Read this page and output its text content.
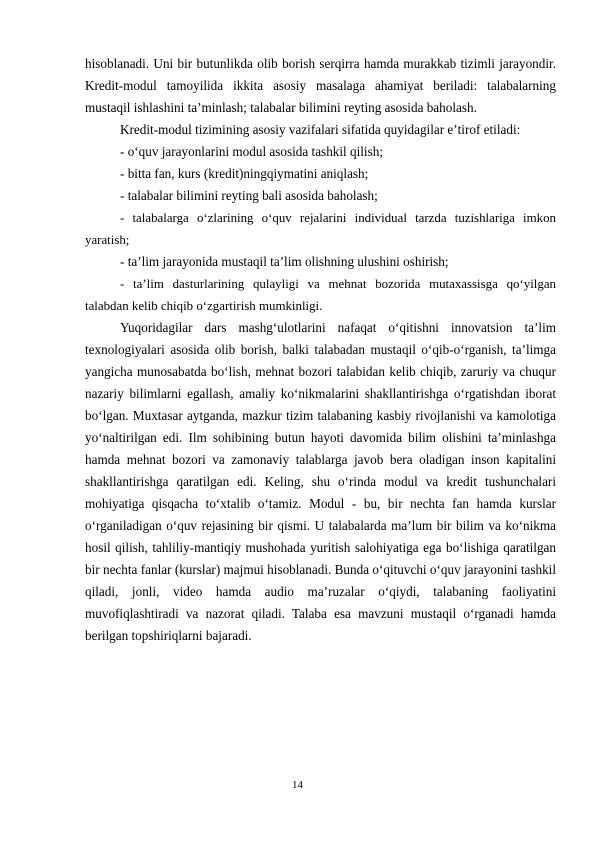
hisoblanadi. Uni bir butunlikda olib borish serqirra hamda murakkab tizimli jarayondir. Kredit-modul tamoyilida ikkita asosiy masalaga ahamiyat beriladi: talabalarning mustaqil ishlashini taʼminlash; talabalar bilimini reyting asosida baholash.

Kredit-modul tizimining asosiy vazifalari sifatida quyidagilar eʼtirof etiladi:

- oʻquv jarayonlarini modul asosida tashkil qilish;

- bitta fan, kurs (kredit)ningqiymatini aniqlash;

- talabalar bilimini reyting bali asosida baholash;

- talabalarga oʻzlarining oʻquv rejalarini individual tarzda tuzishlariga imkon yaratish;

- taʼlim jarayonida mustaqil taʼlim olishning ulushini oshirish;

- taʼlim dasturlarining qulayligi va mehnat bozorida mutaxassisga qoʻyilgan talabdan kelib chiqib oʻzgartirish mumkinligi.

Yuqoridagilar dars mashgʻulotlarini nafaqat oʻqitishni innovatsion taʼlim texnologiyalari asosida olib borish, balki talabadan mustaqil oʻqib-oʻrganish, taʼlimga yangicha munosabatda boʻlish, mehnat bozori talabidan kelib chiqib, zaruriy va chuqur nazariy bilimlarni egallash, amaliy koʻnikmalarini shakllantirishga oʻrgatishdan iborat boʻlgan. Muxtasar aytganda, mazkur tizim talabaning kasbiy rivojlanishi va kamolotiga yoʻnaltirilgan edi. Ilm sohibining butun hayoti davomida bilim olishini taʼminlashga hamda mehnat bozori va zamonaviy talablarga javob bera oladigan inson kapitalini shakllantirishga qaratilgan edi. Keling, shu oʻrinda modul va kredit tushunchalari mohiyatiga qisqacha toʻxtalib oʻtamiz. Modul - bu, bir nechta fan hamda kurslar oʻrganiladigan oʻquv rejasining bir qismi. U talabalarda maʼlum bir bilim va koʻnikma hosil qilish, tahliliy-mantiqiy mushohada yuritish salohiyatiga ega boʻlishiga qaratilgan bir nechta fanlar (kurslar) majmui hisoblanadi. Bunda oʻqituvchi oʻquv jarayonini tashkil qiladi, jonli, video hamda audio maʼruzalar oʻqiydi, talabaning faoliyatini muvofiqlashtiradi va nazorat qiladi. Talaba esa mavzuni mustaqil oʻrganadi hamda berilgan topshiriqlarni bajaradi.

14
